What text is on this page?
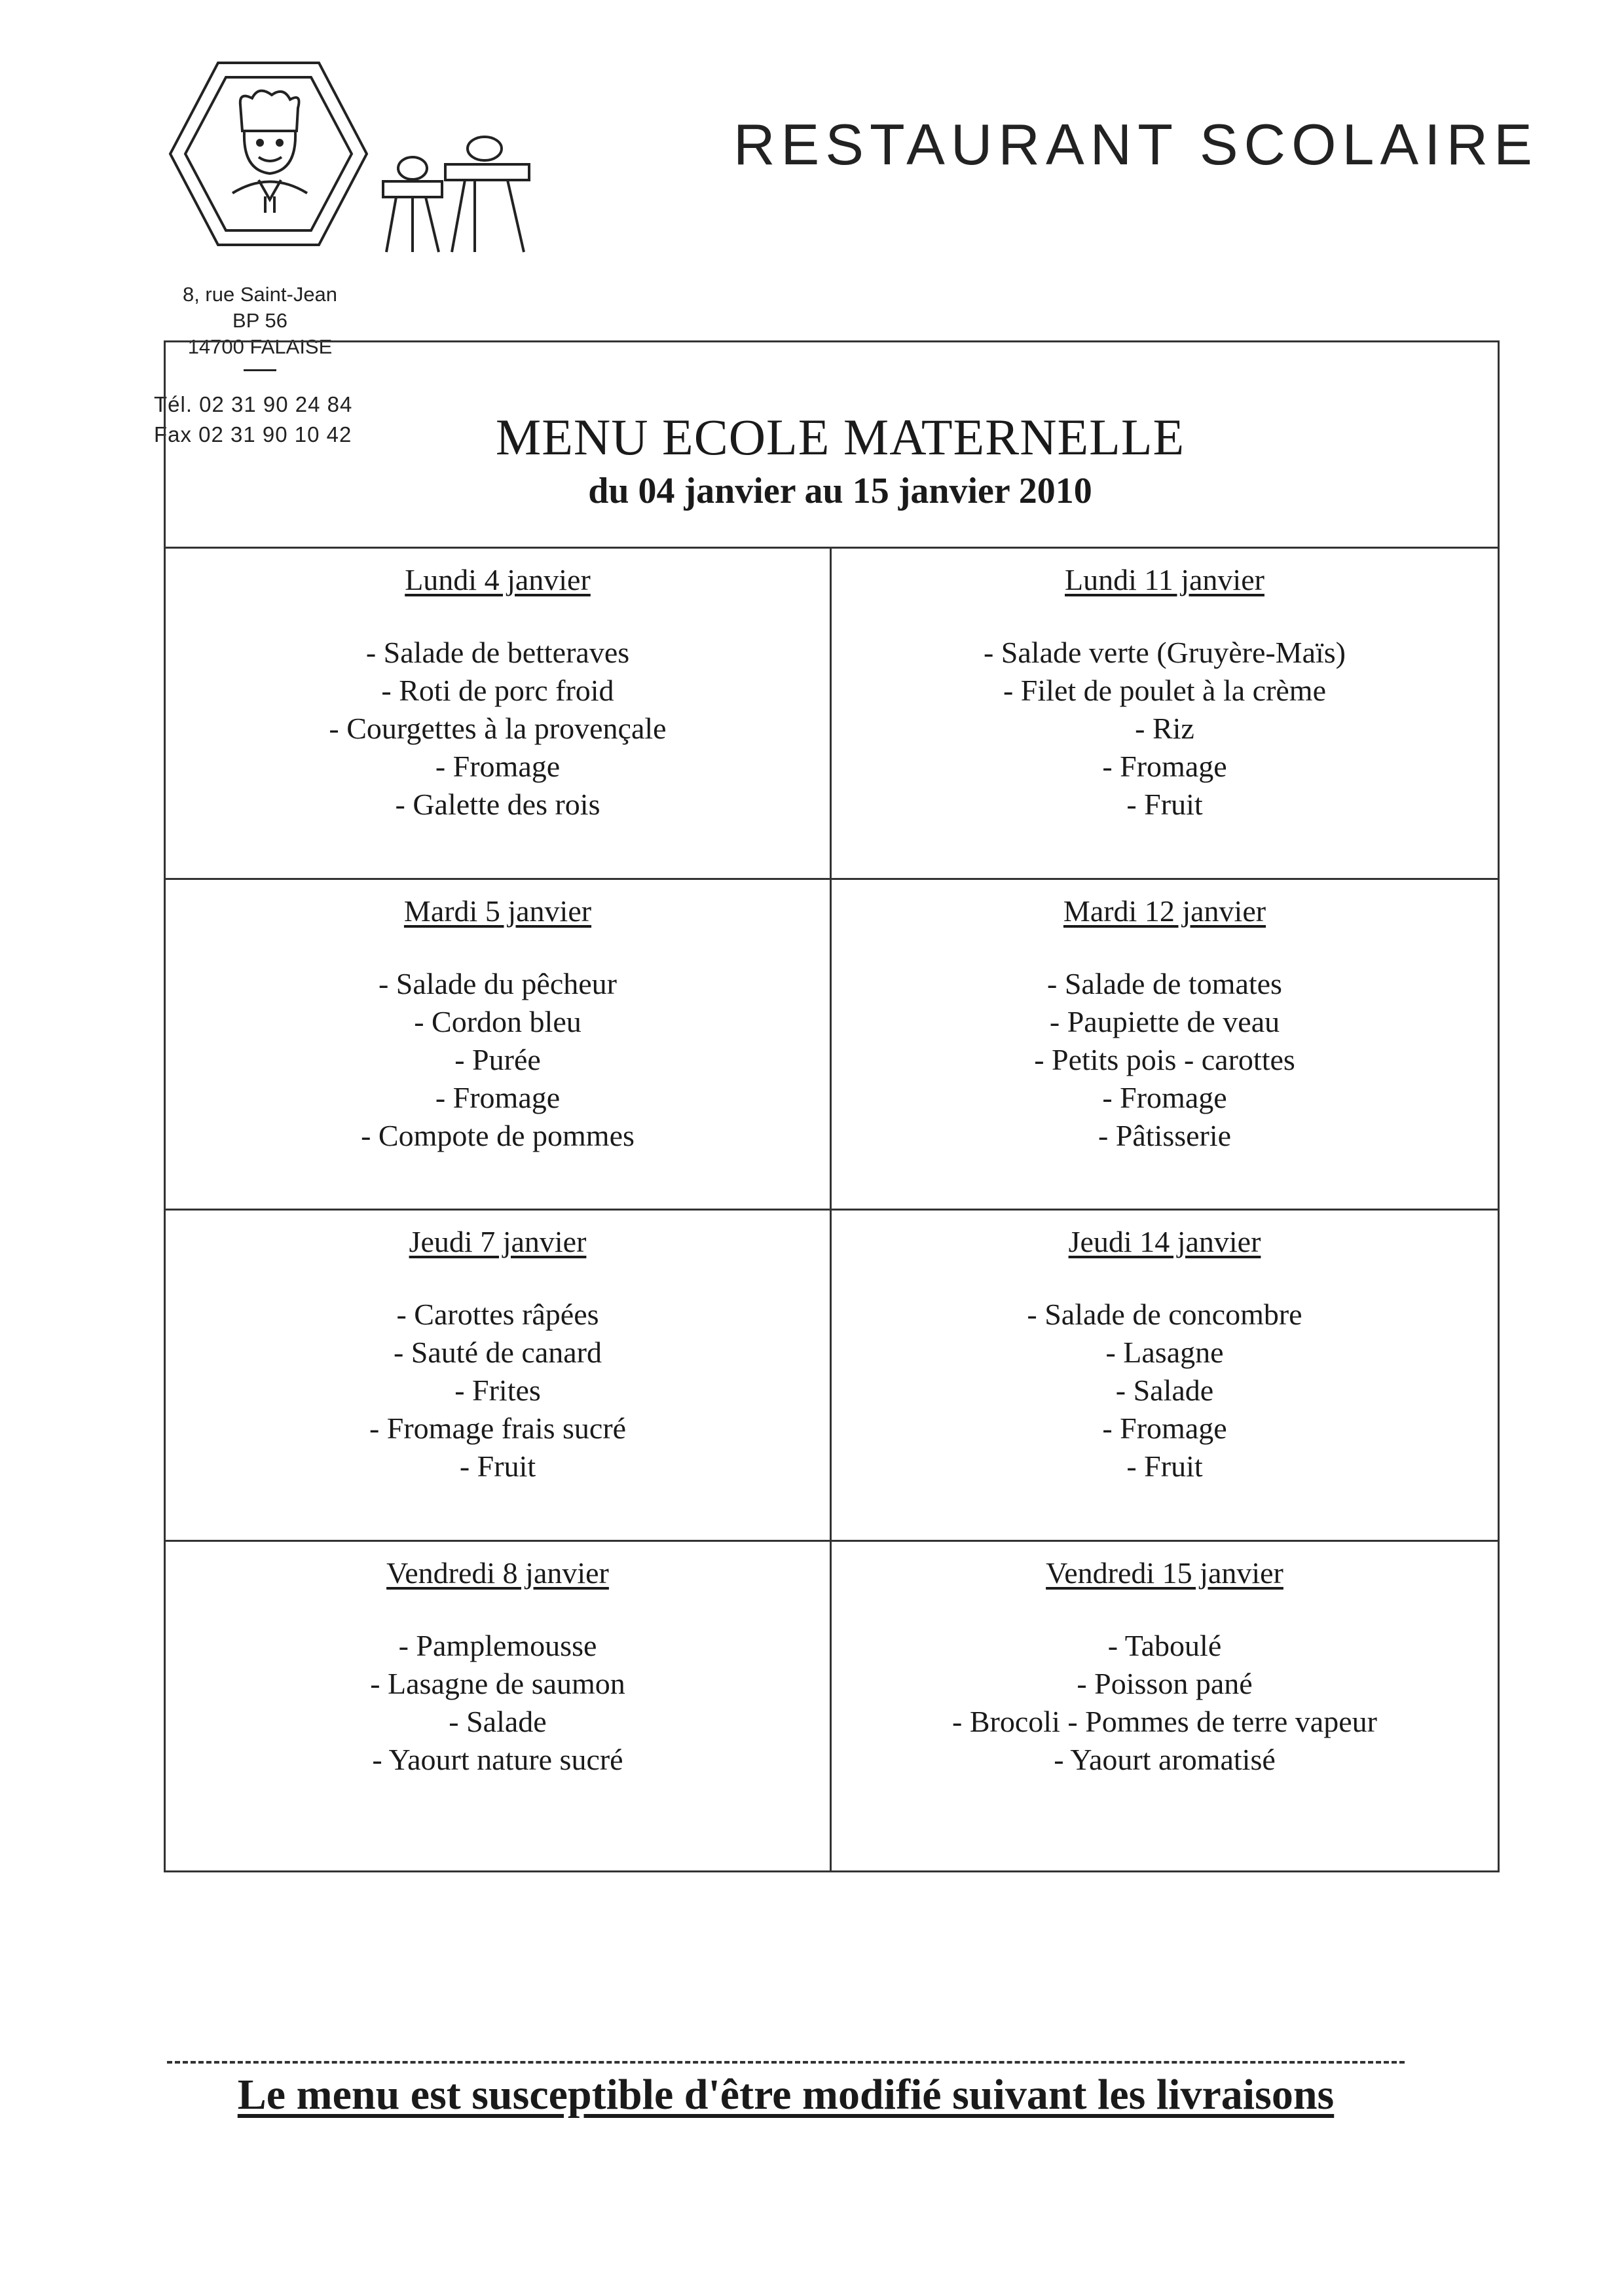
RESTAURANT SCOLAIRE
8, rue Saint-Jean
BP 56
14700 FALAISE
Tél. 02 31 90 24 84
Fax 02 31 90 10 42	MENU ECOLE MATERNELLE
du 04 janvier au 15 janvier 2010
Lundi 4 janvier
- Salade de betteraves
- Roti de porc froid
- Courgettes à la provençale
- Fromage
- Galette des rois
Lundi 11 janvier
- Salade verte (Gruyère-Maïs)
- Filet de poulet à la crème
- Riz
- Fromage
- Fruit
Mardi 5 janvier
- Salade du pêcheur
- Cordon bleu
- Purée
- Fromage
- Compote de pommes
Mardi 12 janvier
- Salade de tomates
- Paupiette de veau
- Petits pois - carottes
- Fromage
- Pâtisserie
Jeudi 7 janvier
- Carottes râpées
- Sauté de canard
- Frites
- Fromage frais sucré
- Fruit
Jeudi 14 janvier
- Salade de concombre
- Lasagne
- Salade
- Fromage
- Fruit
Vendredi 8 janvier
- Pamplemousse
- Lasagne de saumon
- Salade
- Yaourt nature sucré
Vendredi 15 janvier
- Taboulé
- Poisson pané
- Brocoli - Pommes de terre vapeur
- Yaourt aromatisé
Le menu est susceptible d'être modifié suivant les livraisons
